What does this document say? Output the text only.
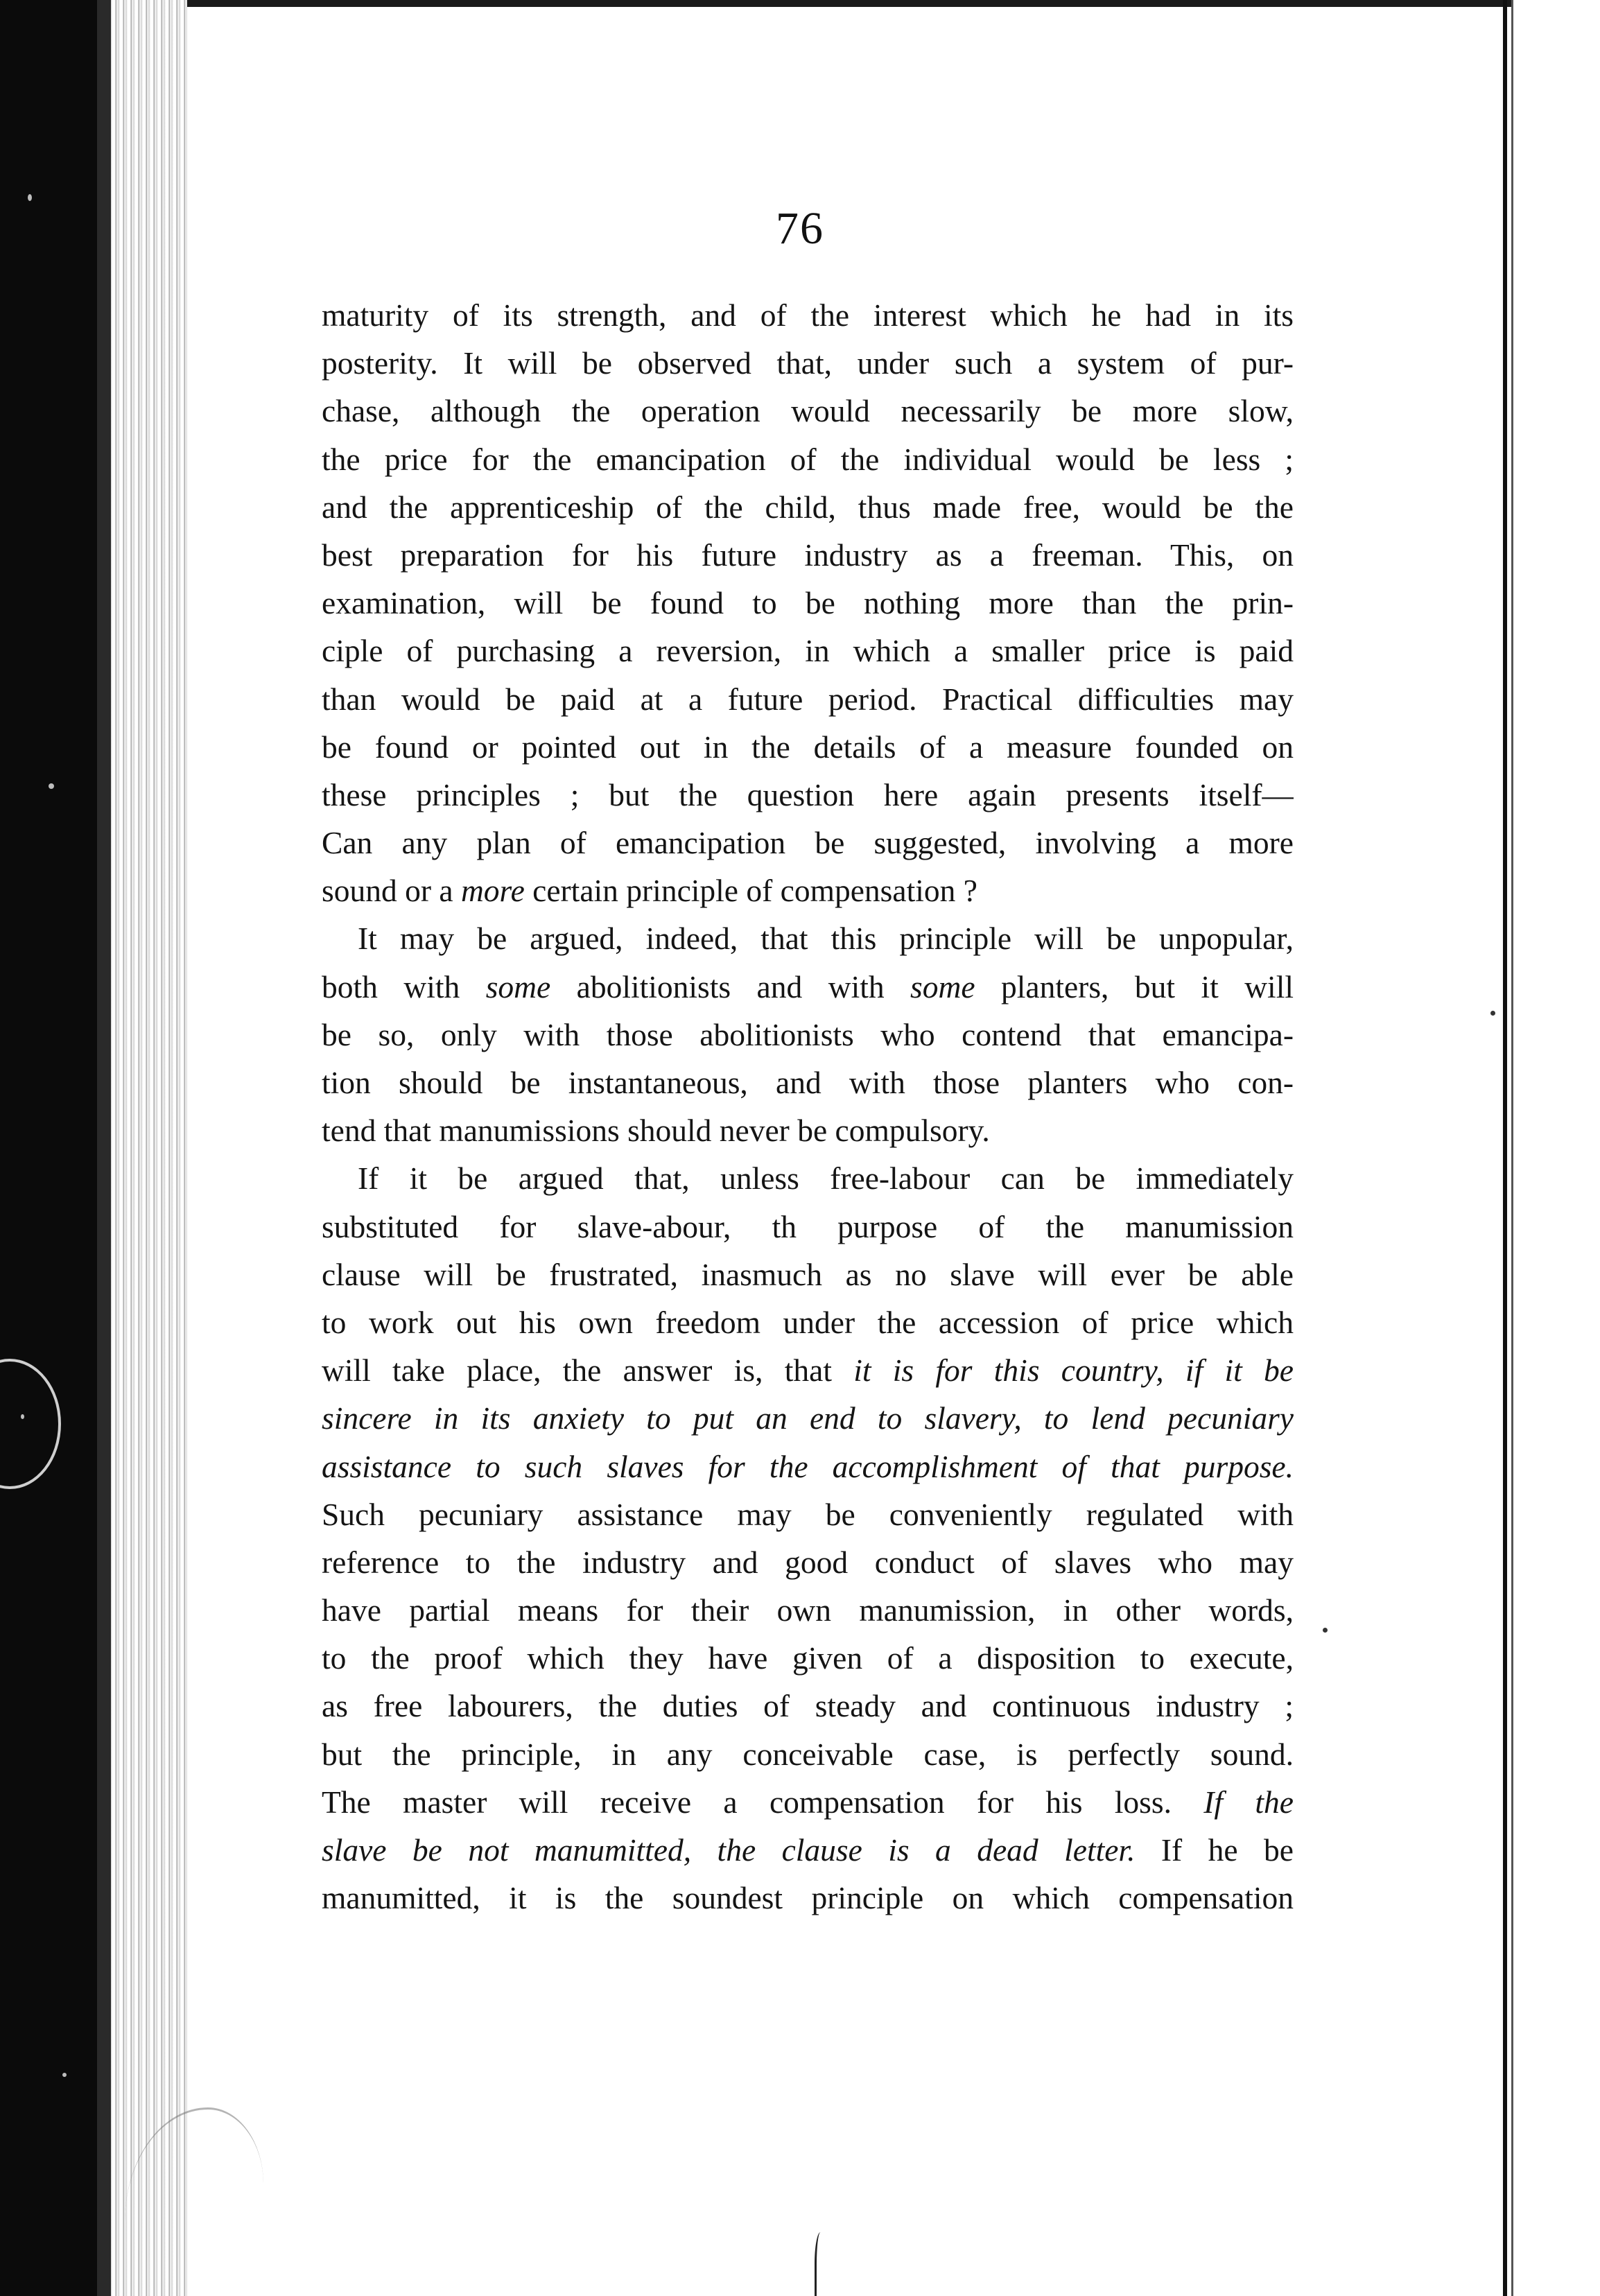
76
maturity of its strength, and of the interest which he had in its
posterity. It will be observed that, under such a system of pur-
chase, although the operation would necessarily be more slow,
the price for the emancipation of the individual would be less ;
and the apprenticeship of the child, thus made free, would be the
best preparation for his future industry as a freeman. This, on
examination, will be found to be nothing more than the prin-
ciple of purchasing a reversion, in which a smaller price is paid
than would be paid at a future period. Practical difficulties may
be found or pointed out in the details of a measure founded on
these principles ; but the question here again presents itself—
Can any plan of emancipation be suggested, involving a more
sound or a more certain principle of compensation ?
It may be argued, indeed, that this principle will be unpopular,
both with some abolitionists and with some planters, but it will
be so, only with those abolitionists who contend that emancipa-
tion should be instantaneous, and with those planters who con-
tend that manumissions should never be compulsory.
If it be argued that, unless free-labour can be immediately
substituted for slave-abour, th purpose of the manumission
clause will be frustrated, inasmuch as no slave will ever be able
to work out his own freedom under the accession of price which
will take place, the answer is, that it is for this country, if it be
sincere in its anxiety to put an end to slavery, to lend pecuniary
assistance to such slaves for the accomplishment of that purpose.
Such pecuniary assistance may be conveniently regulated with
reference to the industry and good conduct of slaves who may
have partial means for their own manumission, in other words,
to the proof which they have given of a disposition to execute,
as free labourers, the duties of steady and continuous industry ;
but the principle, in any conceivable case, is perfectly sound.
The master will receive a compensation for his loss. If the
slave be not manumitted, the clause is a dead letter. If he be
manumitted, it is the soundest principle on which compensation
